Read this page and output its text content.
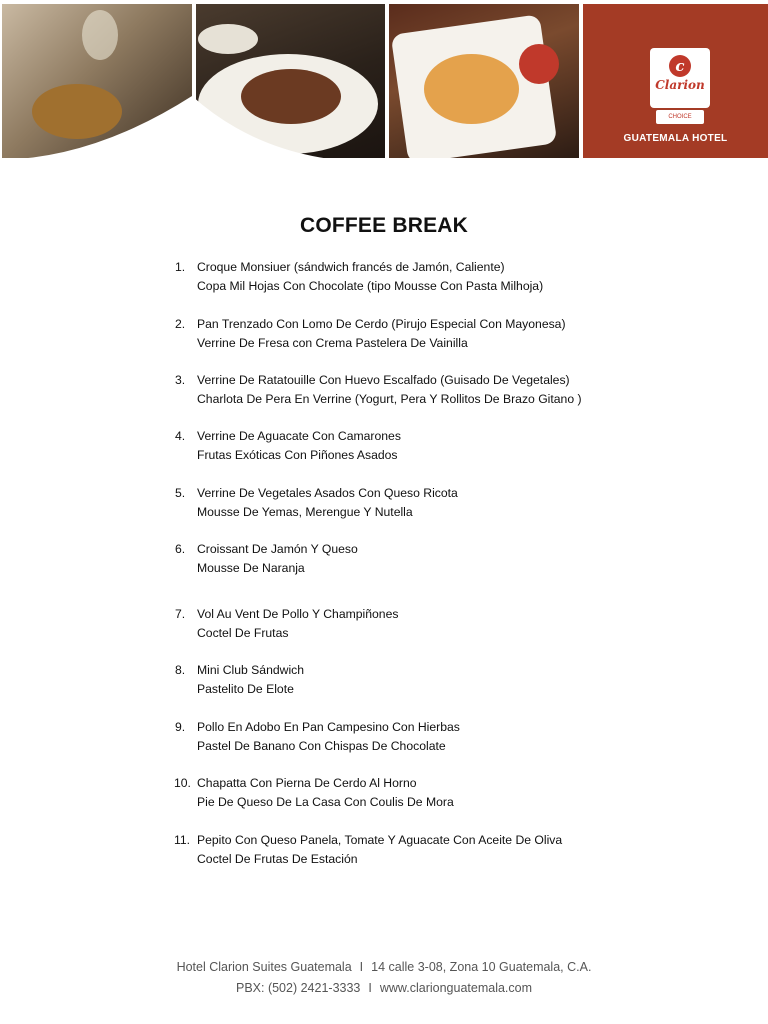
c
Clarion
CHOICE
GUATEMALA HOTEL
COFFEE BREAK
1. Croque Monsiuer (sándwich francés de Jamón, Caliente)
Copa Mil Hojas Con Chocolate (tipo Mousse Con Pasta Milhoja)
2. Pan Trenzado Con Lomo De Cerdo (Pirujo Especial Con Mayonesa)
Verrine De Fresa con Crema Pastelera De Vainilla
3. Verrine De Ratatouille Con Huevo Escalfado (Guisado De Vegetales)
Charlota De Pera En Verrine (Yogurt, Pera Y Rollitos De Brazo Gitano )
4. Verrine De Aguacate Con Camarones
Frutas Exóticas Con Piñones Asados
5. Verrine De Vegetales Asados Con Queso Ricota
Mousse De Yemas, Merengue Y Nutella
6. Croissant De Jamón Y Queso
Mousse De Naranja
7. Vol Au Vent De Pollo Y Champiñones
Coctel De Frutas
8. Mini Club Sándwich
Pastelito De Elote
9. Pollo En Adobo En Pan Campesino Con Hierbas
Pastel De Banano Con Chispas De Chocolate
10. Chapatta Con Pierna De Cerdo Al Horno
Pie De Queso De La Casa Con Coulis De Mora
11. Pepito Con Queso Panela, Tomate Y Aguacate Con Aceite De Oliva
Coctel De Frutas De Estación
Hotel Clarion Suites Guatemala I 14 calle 3-08, Zona 10 Guatemala, C.A.
PBX: (502) 2421-3333 I www.clarionguatemala.com
